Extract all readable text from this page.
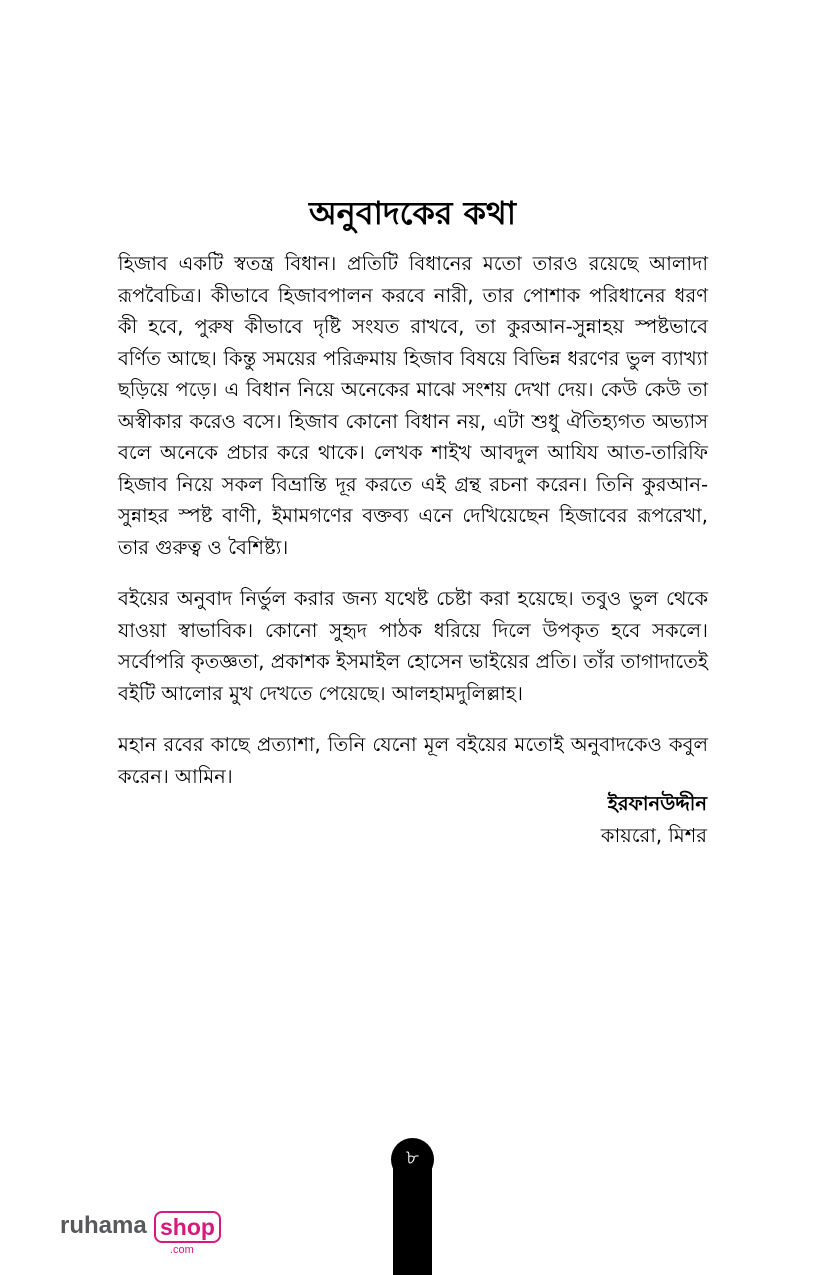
অনুবাদকের কথা

হিজাব একটি স্বতন্ত্র বিধান। প্রতিটি বিধানের মতো তারও রয়েছে আলাদা রূপবৈচিত্র। কীভাবে হিজাবপালন করবে নারী, তার পোশাক পরিধানের ধরণ কী হবে, পুরুষ কীভাবে দৃষ্টি সংযত রাখবে, তা কুরআন-সুন্নাহয় স্পষ্টভাবে বর্ণিত আছে। কিন্তু সময়ের পরিক্রমায় হিজাব বিষয়ে বিভিন্ন ধরণের ভুল ব্যাখ্যা ছড়িয়ে পড়ে। এ বিধান নিয়ে অনেকের মাঝে সংশয় দেখা দেয়। কেউ কেউ তা অস্বীকার করেও বসে। হিজাব কোনো বিধান নয়, এটা শুধু ঐতিহ্যগত অভ্যাস বলে অনেকে প্রচার করে থাকে। লেখক শাইখ আবদুল আযিয আত-তারিফি হিজাব নিয়ে সকল বিভ্রান্তি দূর করতে এই গ্রন্থ রচনা করেন। তিনি কুরআন-সুন্নাহর স্পষ্ট বাণী, ইমামগণের বক্তব্য এনে দেখিয়েছেন হিজাবের রূপরেখা, তার গুরুত্ব ও বৈশিষ্ট্য।

বইয়ের অনুবাদ নির্ভুল করার জন্য যথেষ্ট চেষ্টা করা হয়েছে। তবুও ভুল থেকে যাওয়া স্বাভাবিক। কোনো সুহৃদ পাঠক ধরিয়ে দিলে উপকৃত হবে সকলে। সর্বোপরি কৃতজ্ঞতা, প্রকাশক ইসমাইল হোসেন ভাইয়ের প্রতি। তাঁর তাগাদাতেই বইটি আলোর মুখ দেখতে পেয়েছে। আলহামদুলিল্লাহ।

মহান রবের কাছে প্রত্যাশা, তিনি যেনো মূল বইয়ের মতোই অনুবাদকেও কবুল করেন। আমিন।

ইরফানউদ্দীন

কায়রো, মিশর

৮
ruhama shop
.com
